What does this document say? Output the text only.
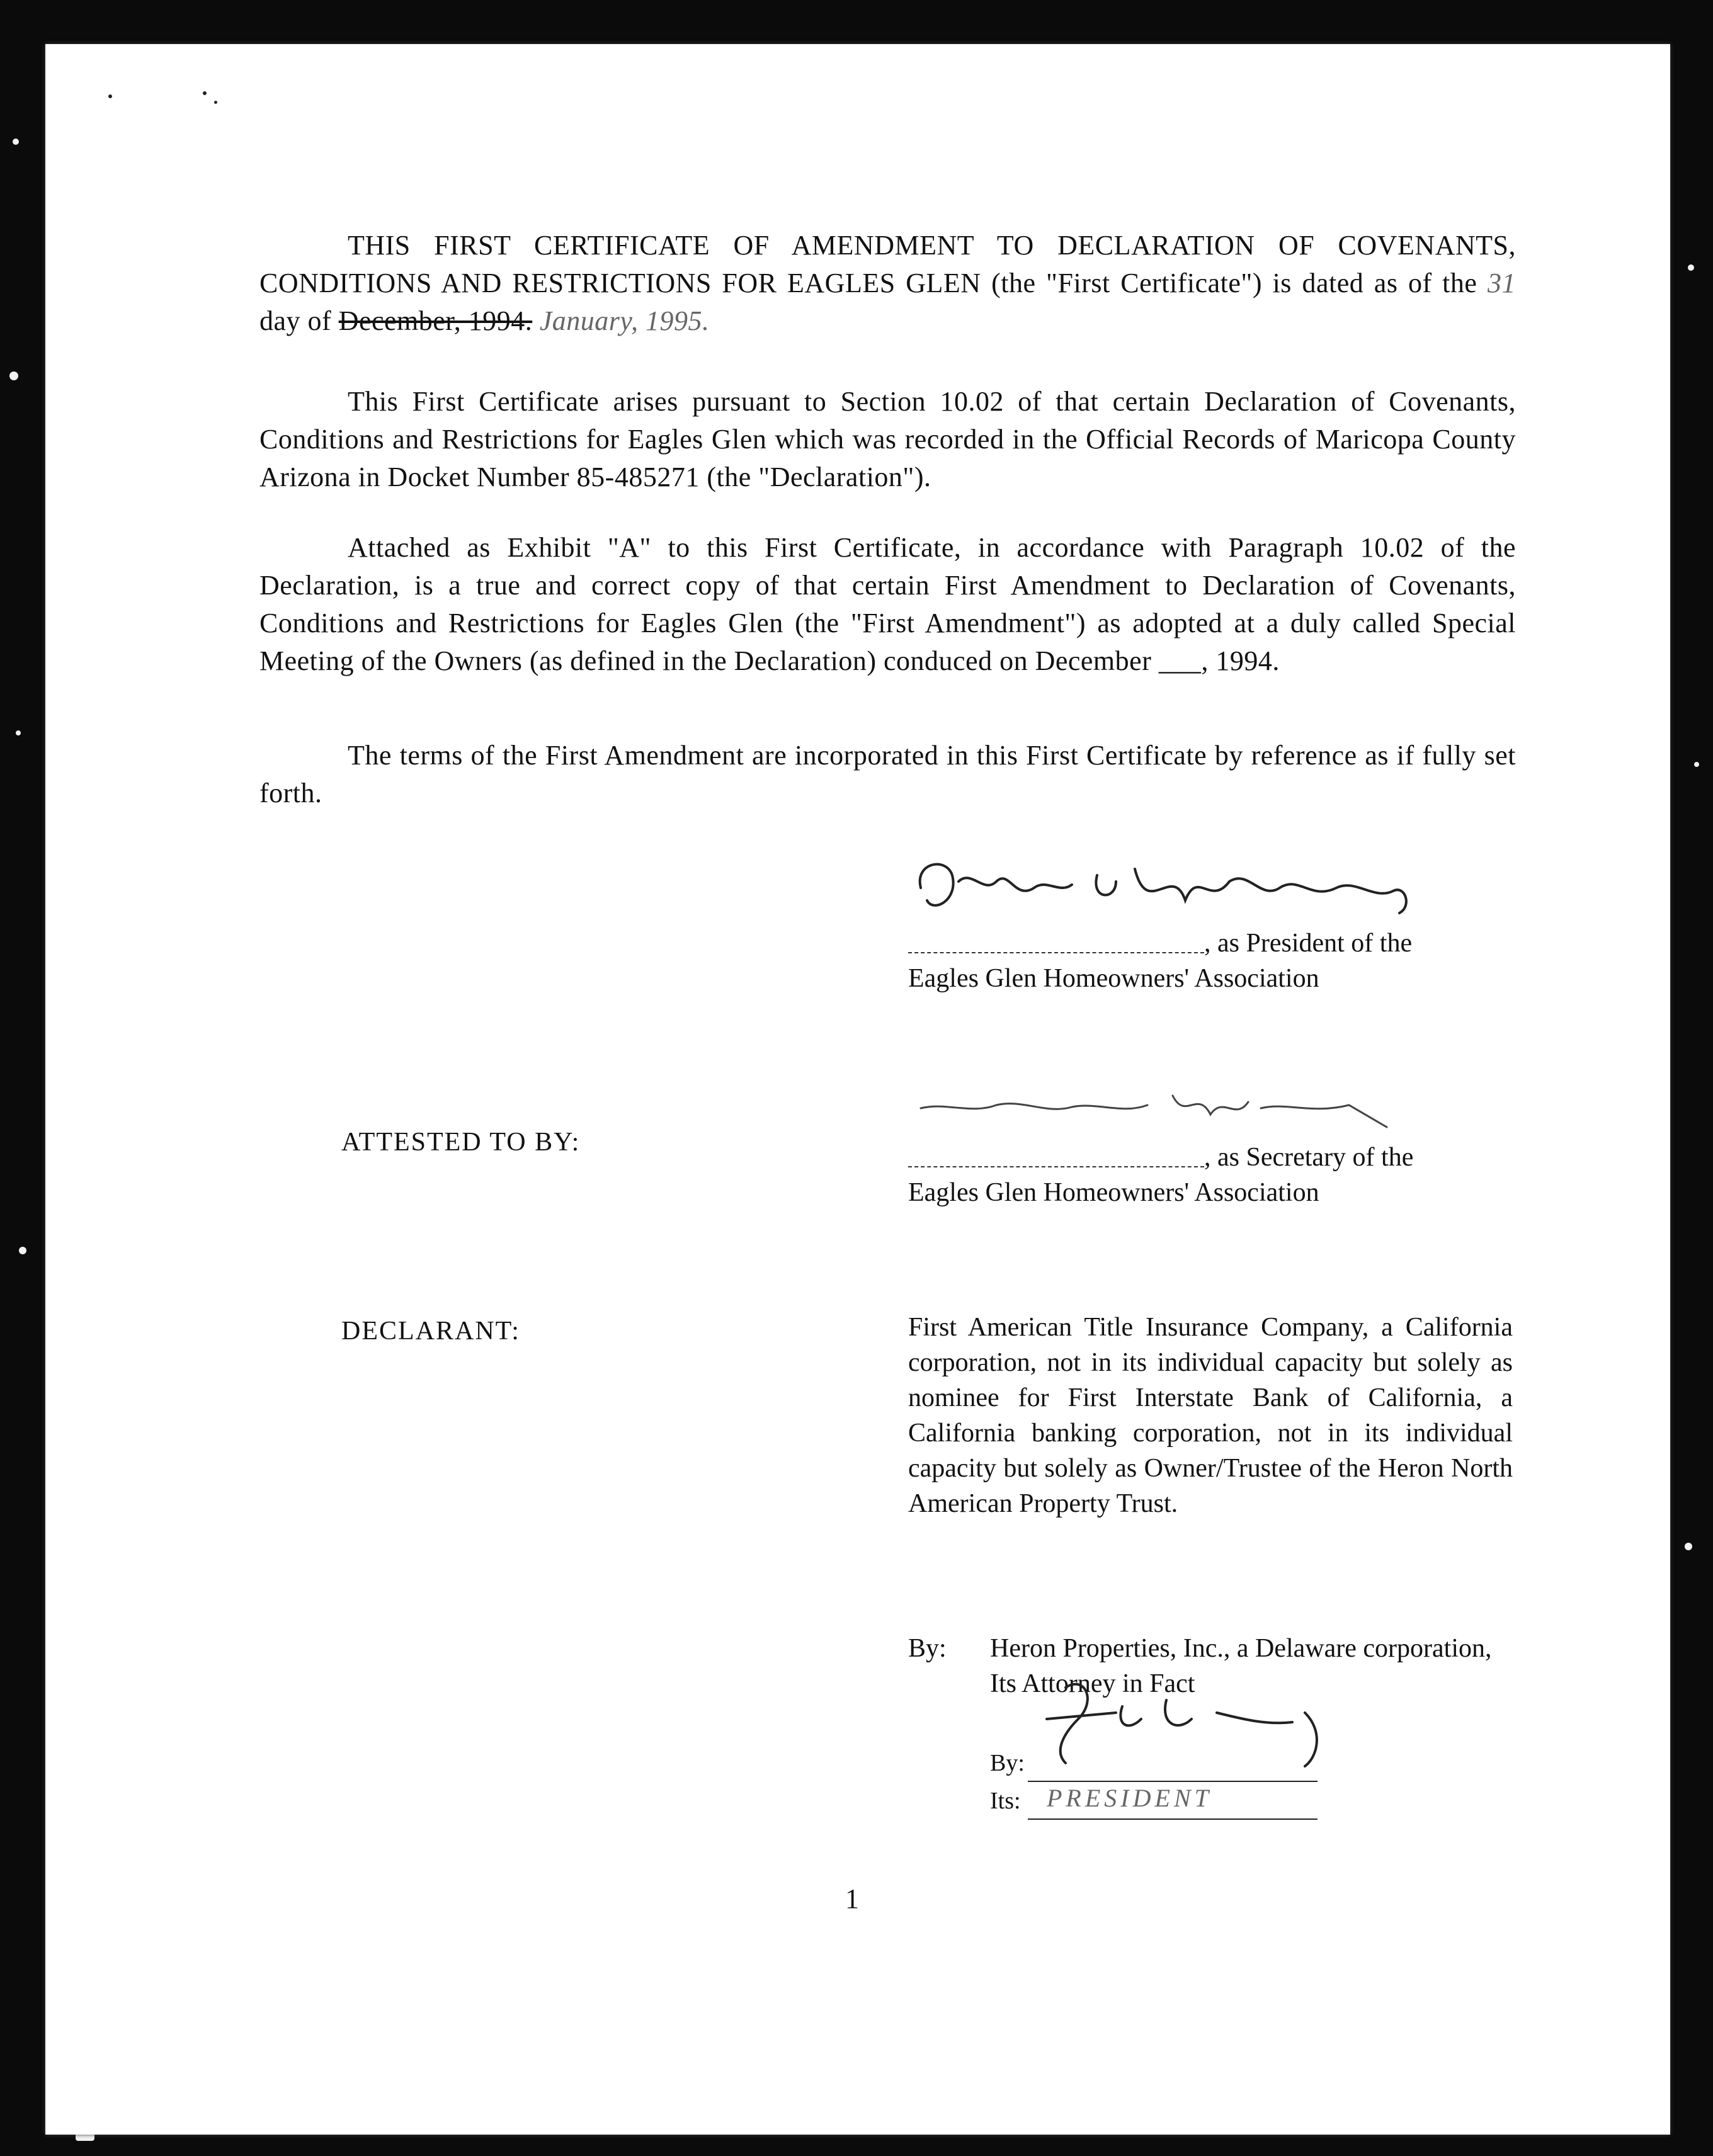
THIS FIRST CERTIFICATE OF AMENDMENT TO DECLARATION OF COVENANTS, CONDITIONS AND RESTRICTIONS FOR EAGLES GLEN (the "First Certificate") is dated as of the 31 day of December, 1994. January, 1995.
This First Certificate arises pursuant to Section 10.02 of that certain Declaration of Covenants, Conditions and Restrictions for Eagles Glen which was recorded in the Official Records of Maricopa County Arizona in Docket Number 85-485271 (the "Declaration").
Attached as Exhibit "A" to this First Certificate, in accordance with Paragraph 10.02 of the Declaration, is a true and correct copy of that certain First Amendment to Declaration of Covenants, Conditions and Restrictions for Eagles Glen (the "First Amendment") as adopted at a duly called Special Meeting of the Owners (as defined in the Declaration) conduced on December ___, 1994.
The terms of the First Amendment are incorporated in this First Certificate by reference as if fully set forth.
, as President of the
Eagles Glen Homeowners' Association
ATTESTED TO BY:
, as Secretary of the
Eagles Glen Homeowners' Association
DECLARANT:	First American Title Insurance Company, a California corporation, not in its individual capacity but solely as nominee for First Interstate Bank of California, a California banking corporation, not in its individual capacity but solely as Owner/Trustee of the Heron North American Property Trust.
By:	Heron Properties, Inc., a Delaware corporation, Its Attorney in Fact
By:
Its: PRESIDENT
1
